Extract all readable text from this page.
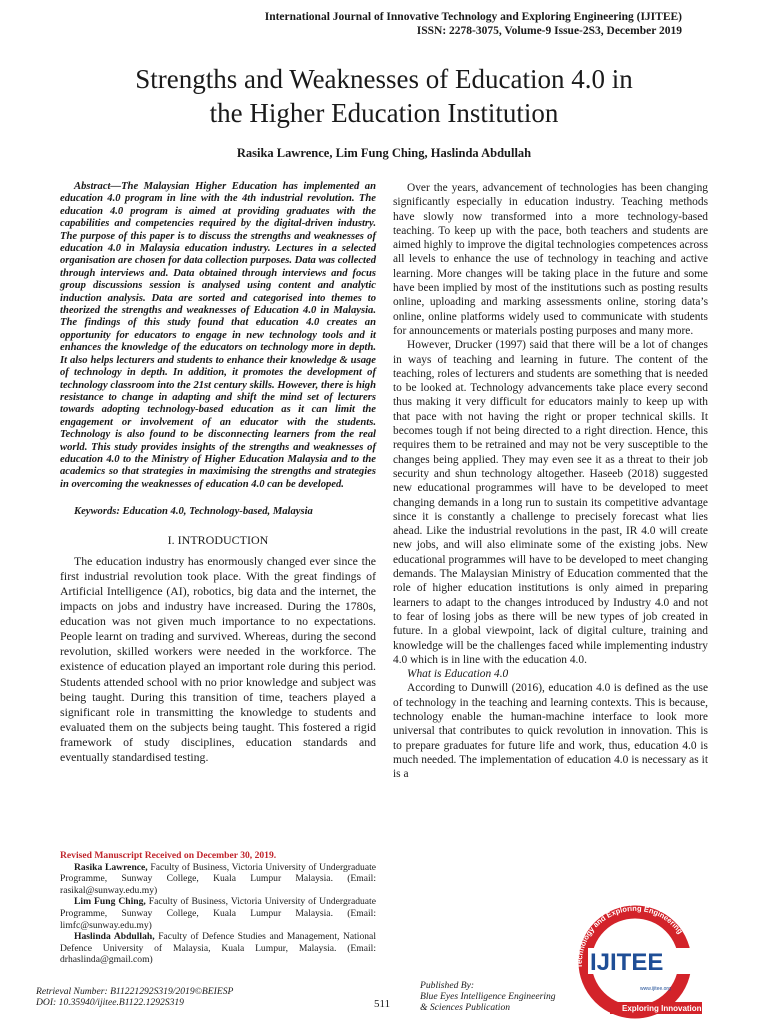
International Journal of Innovative Technology and Exploring Engineering (IJITEE)
ISSN: 2278-3075, Volume-9 Issue-2S3, December 2019
Strengths and Weaknesses of Education 4.0 in
the Higher Education Institution
Rasika Lawrence, Lim Fung Ching, Haslinda Abdullah

Abstract—The Malaysian Higher Education has implemented an education 4.0 program in line with the 4th industrial revolution. The education 4.0 program is aimed at providing graduates with the capabilities and competencies required by the digital-driven industry. The purpose of this paper is to discuss the strengths and weaknesses of education 4.0 in Malaysia education industry. Lectures in a selected organisation are chosen for data collection purposes. Data was collected through interviews and. Data obtained through interviews and focus group discussions session is analysed using content and analytic induction analysis. Data are sorted and categorised into themes to theorized the strengths and weaknesses of Education 4.0 in Malaysia. The findings of this study found that education 4.0 creates an opportunity for educators to engage in new technology tools and it enhances the knowledge of the educators on technology more in depth. It also helps lecturers and students to enhance their knowledge & usage of technology in depth. In addition, it promotes the development of technology classroom into the 21st century skills. However, there is high resistance to change in adapting and shift the mind set of lecturers towards adopting technology-based education as it can limit the engagement or involvement of an educator with the students. Technology is also found to be disconnecting learners from the real world. This study provides insights of the strengths and weaknesses of education 4.0 to the Ministry of Higher Education Malaysia and to the academics so that strategies in maximising the strengths and strategies in overcoming the weaknesses of education 4.0 can be developed.

Keywords: Education 4.0, Technology-based, Malaysia

I. INTRODUCTION

The education industry has enormously changed ever since the first industrial revolution took place. With the great findings of Artificial Intelligence (AI), robotics, big data and the internet, the impacts on jobs and industry have increased. During the 1780s, education was not given much importance to no expectations. People learnt on trading and survived. Whereas, during the second revolution, skilled workers were needed in the workforce. The existence of education played an important role during this period. Students attended school with no prior knowledge and subject was being taught. During this transition of time, teachers played a significant role in transmitting the knowledge to students and evaluated them on the subjects being taught. This fostered a rigid framework of study disciplines, education standards and eventually standardised testing.

Revised Manuscript Received on December 30, 2019.

Rasika Lawrence, Faculty of Business, Victoria University of Undergraduate Programme, Sunway College, Kuala Lumpur Malaysia. (Email: rasikal@sunway.edu.my)

Lim Fung Ching, Faculty of Business, Victoria University of Undergraduate Programme, Sunway College, Kuala Lumpur Malaysia. (Email: limfc@sunway.edu.my)

Haslinda Abdullah, Faculty of Defence Studies and Management, National Defence University of Malaysia, Kuala Lumpur, Malaysia. (Email: drhaslinda@gmail.com)

Over the years, advancement of technologies has been changing significantly especially in education industry. Teaching methods have slowly now transformed into a more technology-based teaching. To keep up with the pace, both teachers and students are aimed highly to improve the digital technologies competences across all levels to enhance the use of technology in teaching and active learning. More changes will be taking place in the future and some have been implied by most of the institutions such as posting results online, uploading and marking assessments online, storing data’s online, online platforms widely used to communicate with students for announcements or materials posting purposes and many more.

However, Drucker (1997) said that there will be a lot of changes in ways of teaching and learning in future. The content of the teaching, roles of lecturers and students are something that is needed to be looked at. Technology advancements take place every second thus making it very difficult for educators mainly to keep up with that pace with not having the right or proper technical skills. It becomes tough if not being directed to a right direction. Hence, this requires them to be retrained and may not be very susceptible to the changes being applied. They may even see it as a threat to their job security and shun technology altogether. Haseeb (2018) suggested new educational programmes will have to be developed to meet changing demands in a long run to sustain its competitive advantage since it is constantly a challenge to precisely forecast what lies ahead. Like the industrial revolutions in the past, IR 4.0 will create new jobs, and will also eliminate some of the existing jobs. New educational programmes will have to be developed to meet changing demands. The Malaysian Ministry of Education commented that the role of higher education institutions is only aimed in preparing learners to adapt to the changes introduced by Industry 4.0 and not to fear of losing jobs as there will be new types of job created in future. In a global viewpoint, lack of digital culture, training and knowledge will be the challenges faced while implementing industry 4.0 which is in line with the education 4.0.

What is Education 4.0

According to Dunwill (2016), education 4.0 is defined as the use of technology in the teaching and learning contexts. This is because, technology enable the human-machine interface to look more universal that contributes to quick revolution in innovation. This is to prepare graduates for future life and work, thus, education 4.0 is much needed. The implementation of education 4.0 is necessary as it is a

Retrieval Number: B11221292S319/2019©BEIESP
DOI: 10.35940/ijitee.B1122.1292S319	511
Published By:
Blue Eyes Intelligence Engineering
& Sciences Publication
Technology and Exploring Engineering
IJITEE
www.ijitee.org
Exploring Innovation
